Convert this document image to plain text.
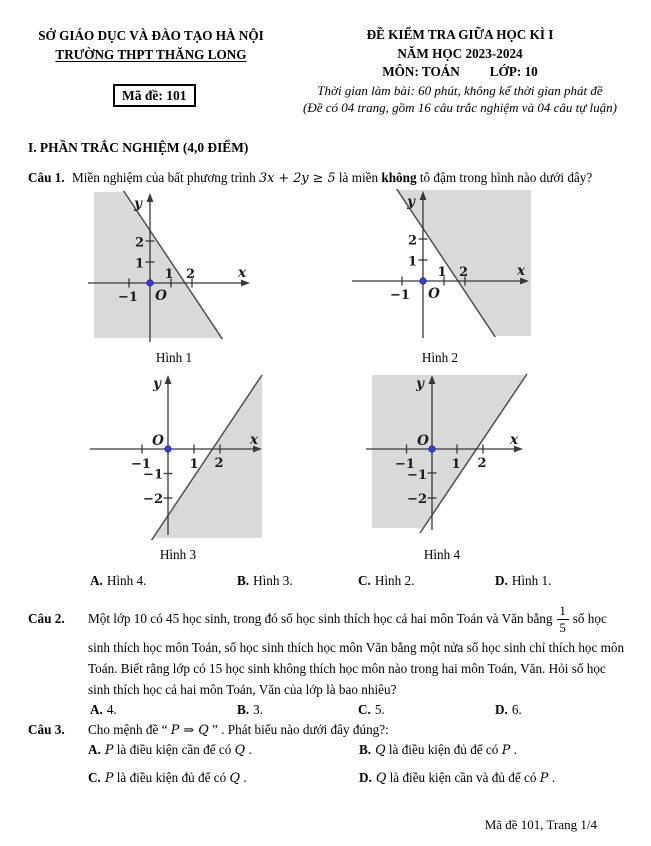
SỞ GIÁO DỤC VÀ ĐÀO TẠO HÀ NỘI
TRƯỜNG THPT THĂNG LONG
Mã đề: 101
ĐỀ KIỂM TRA GIỮA HỌC KÌ I
NĂM HỌC 2023-2024
MÔN: TOÁN LỚP: 10
Thời gian làm bài: 60 phút, không kể thời gian phát đề
(Đề có 04 trang, gồm 16 câu trắc nghiệm và 04 câu tự luận)
I. PHẦN TRẮC NGHIỆM (4,0 ĐIỂM)
Câu 1. Miền nghiệm của bất phương trình 3x + 2y ≥ 5 là miền không tô đậm trong hình nào dưới đây?
y
x
O
−1
1 2
2
1
Hình 1
y
x
O
−1
1 2
2
1
Hình 2
y
x
O
−1	1 2
−1
−2
Hình 3
y
x
O
−1	1 2
−1
−2
Hình 4
A. Hình 4.	B. Hình 3.	C. Hình 2.	D. Hình 1.
Câu 2. Một lớp 10 có 45 học sinh, trong đó số học sinh thích học cả hai môn Toán và Văn bằng $\frac{1}{5}$ số học
sinh thích học môn Toán, số học sinh thích học môn Văn bằng một nửa số học sinh chỉ thích học môn
Toán. Biết rằng lớp có 15 học sinh không thích học môn nào trong hai môn Toán, Văn. Hỏi số học
sinh thích học cả hai môn Toán, Văn của lớp là bao nhiêu?
A. 4.	B. 3.	C. 5.	D. 6.
Câu 3. Cho mệnh đề “ P ⇒ Q ” . Phát biểu nào dưới đây đúng?:
A. P là điều kiện cần để có Q .	B. Q là điều kiện đủ để có P .
C. P là điều kiện đủ để có Q .	D. Q là điều kiện cần và đủ để có P .
Mã đề 101, Trang 1/4
